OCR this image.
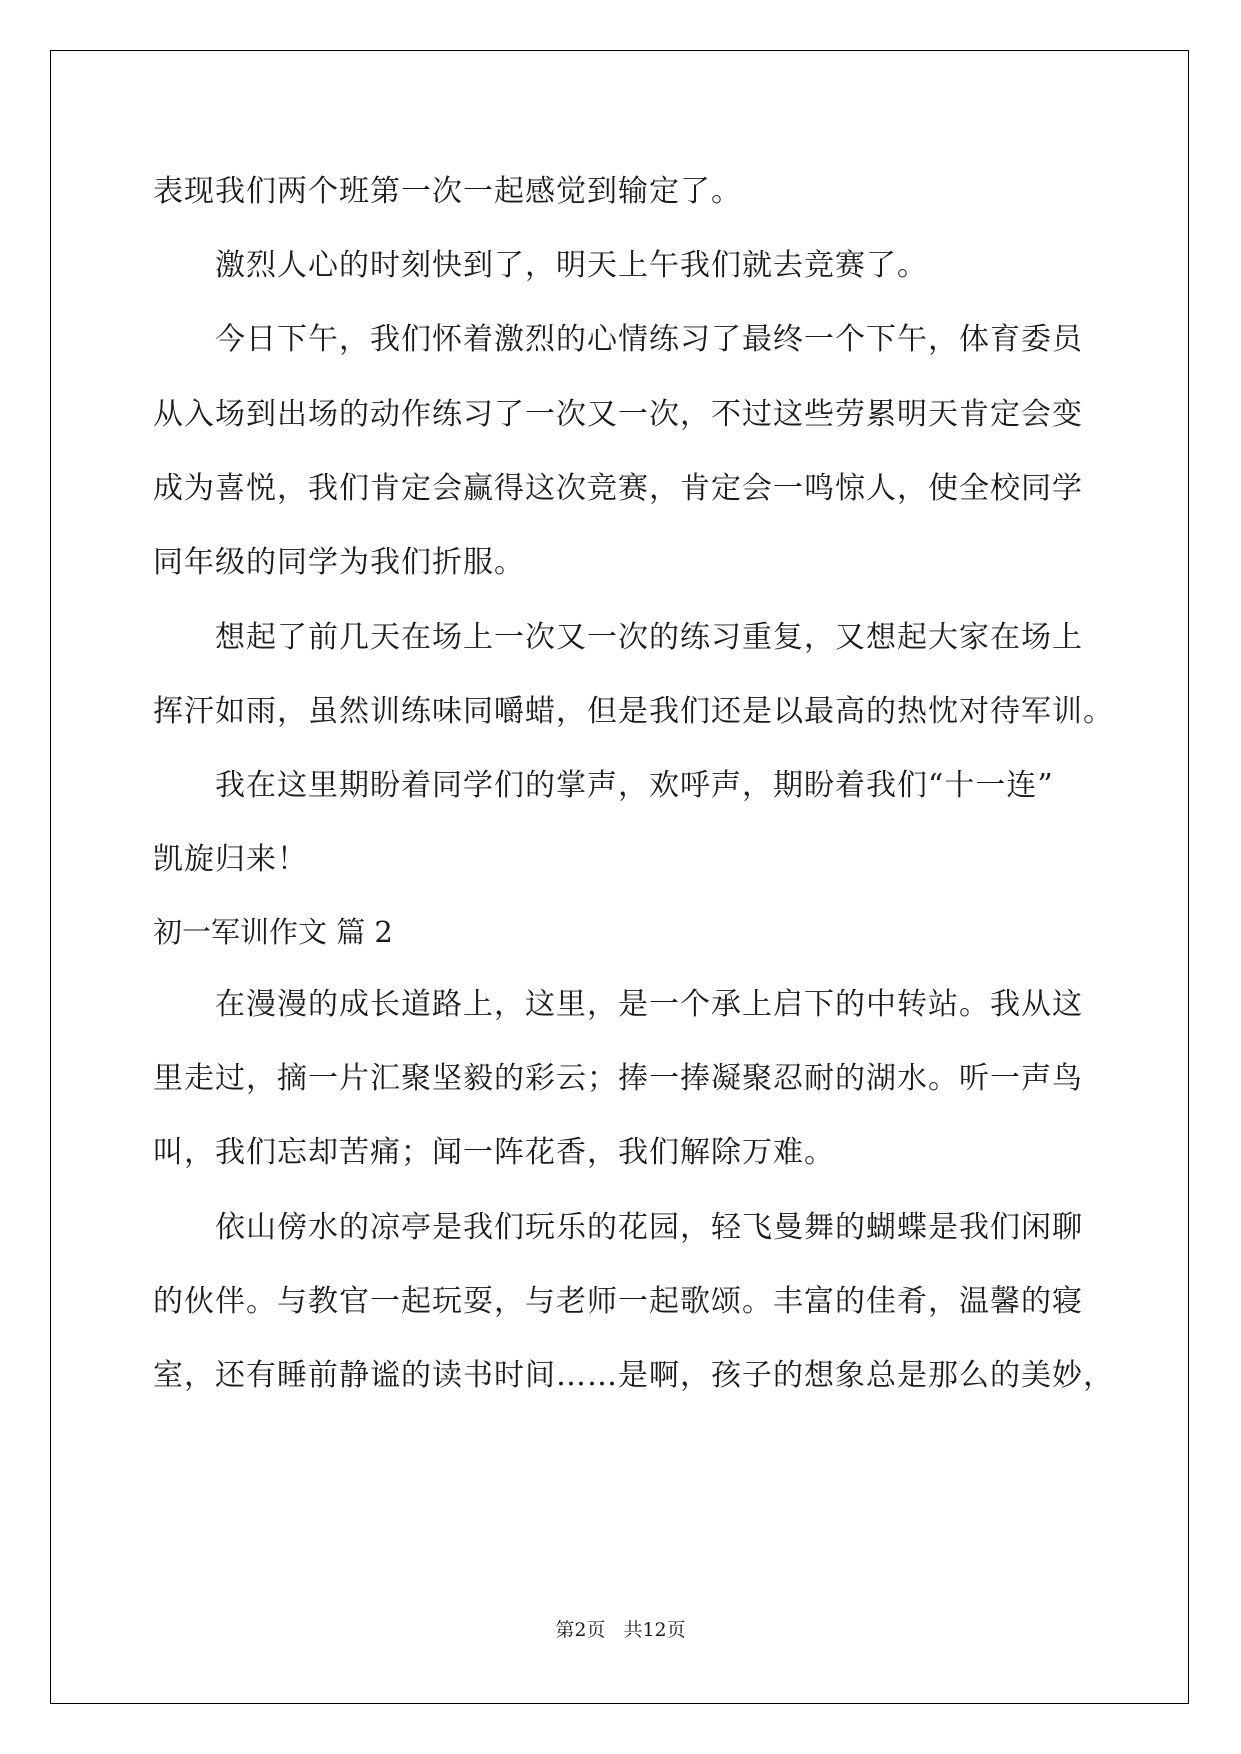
表现我们两个班第一次一起感觉到输定了。
激烈人心的时刻快到了，明天上午我们就去竞赛了。
今日下午，我们怀着激烈的心情练习了最终一个下午，体育委员
从入场到出场的动作练习了一次又一次，不过这些劳累明天肯定会变
成为喜悦，我们肯定会赢得这次竞赛，肯定会一鸣惊人，使全校同学
同年级的同学为我们折服。
想起了前几天在场上一次又一次的练习重复，又想起大家在场上
挥汗如雨，虽然训练味同嚼蜡，但是我们还是以最高的热忱对待军训。
我在这里期盼着同学们的掌声，欢呼声，期盼着我们“十一连”
凯旋归来！
初一军训作文 篇 2
在漫漫的成长道路上，这里，是一个承上启下的中转站。我从这
里走过，摘一片汇聚坚毅的彩云；捧一捧凝聚忍耐的湖水。听一声鸟
叫，我们忘却苦痛；闻一阵花香，我们解除万难。
依山傍水的凉亭是我们玩乐的花园，轻飞曼舞的蝴蝶是我们闲聊
的伙伴。与教官一起玩耍，与老师一起歌颂。丰富的佳肴，温馨的寝
室，还有睡前静谧的读书时间……是啊，孩子的想象总是那么的美妙，
第2页 共12页
